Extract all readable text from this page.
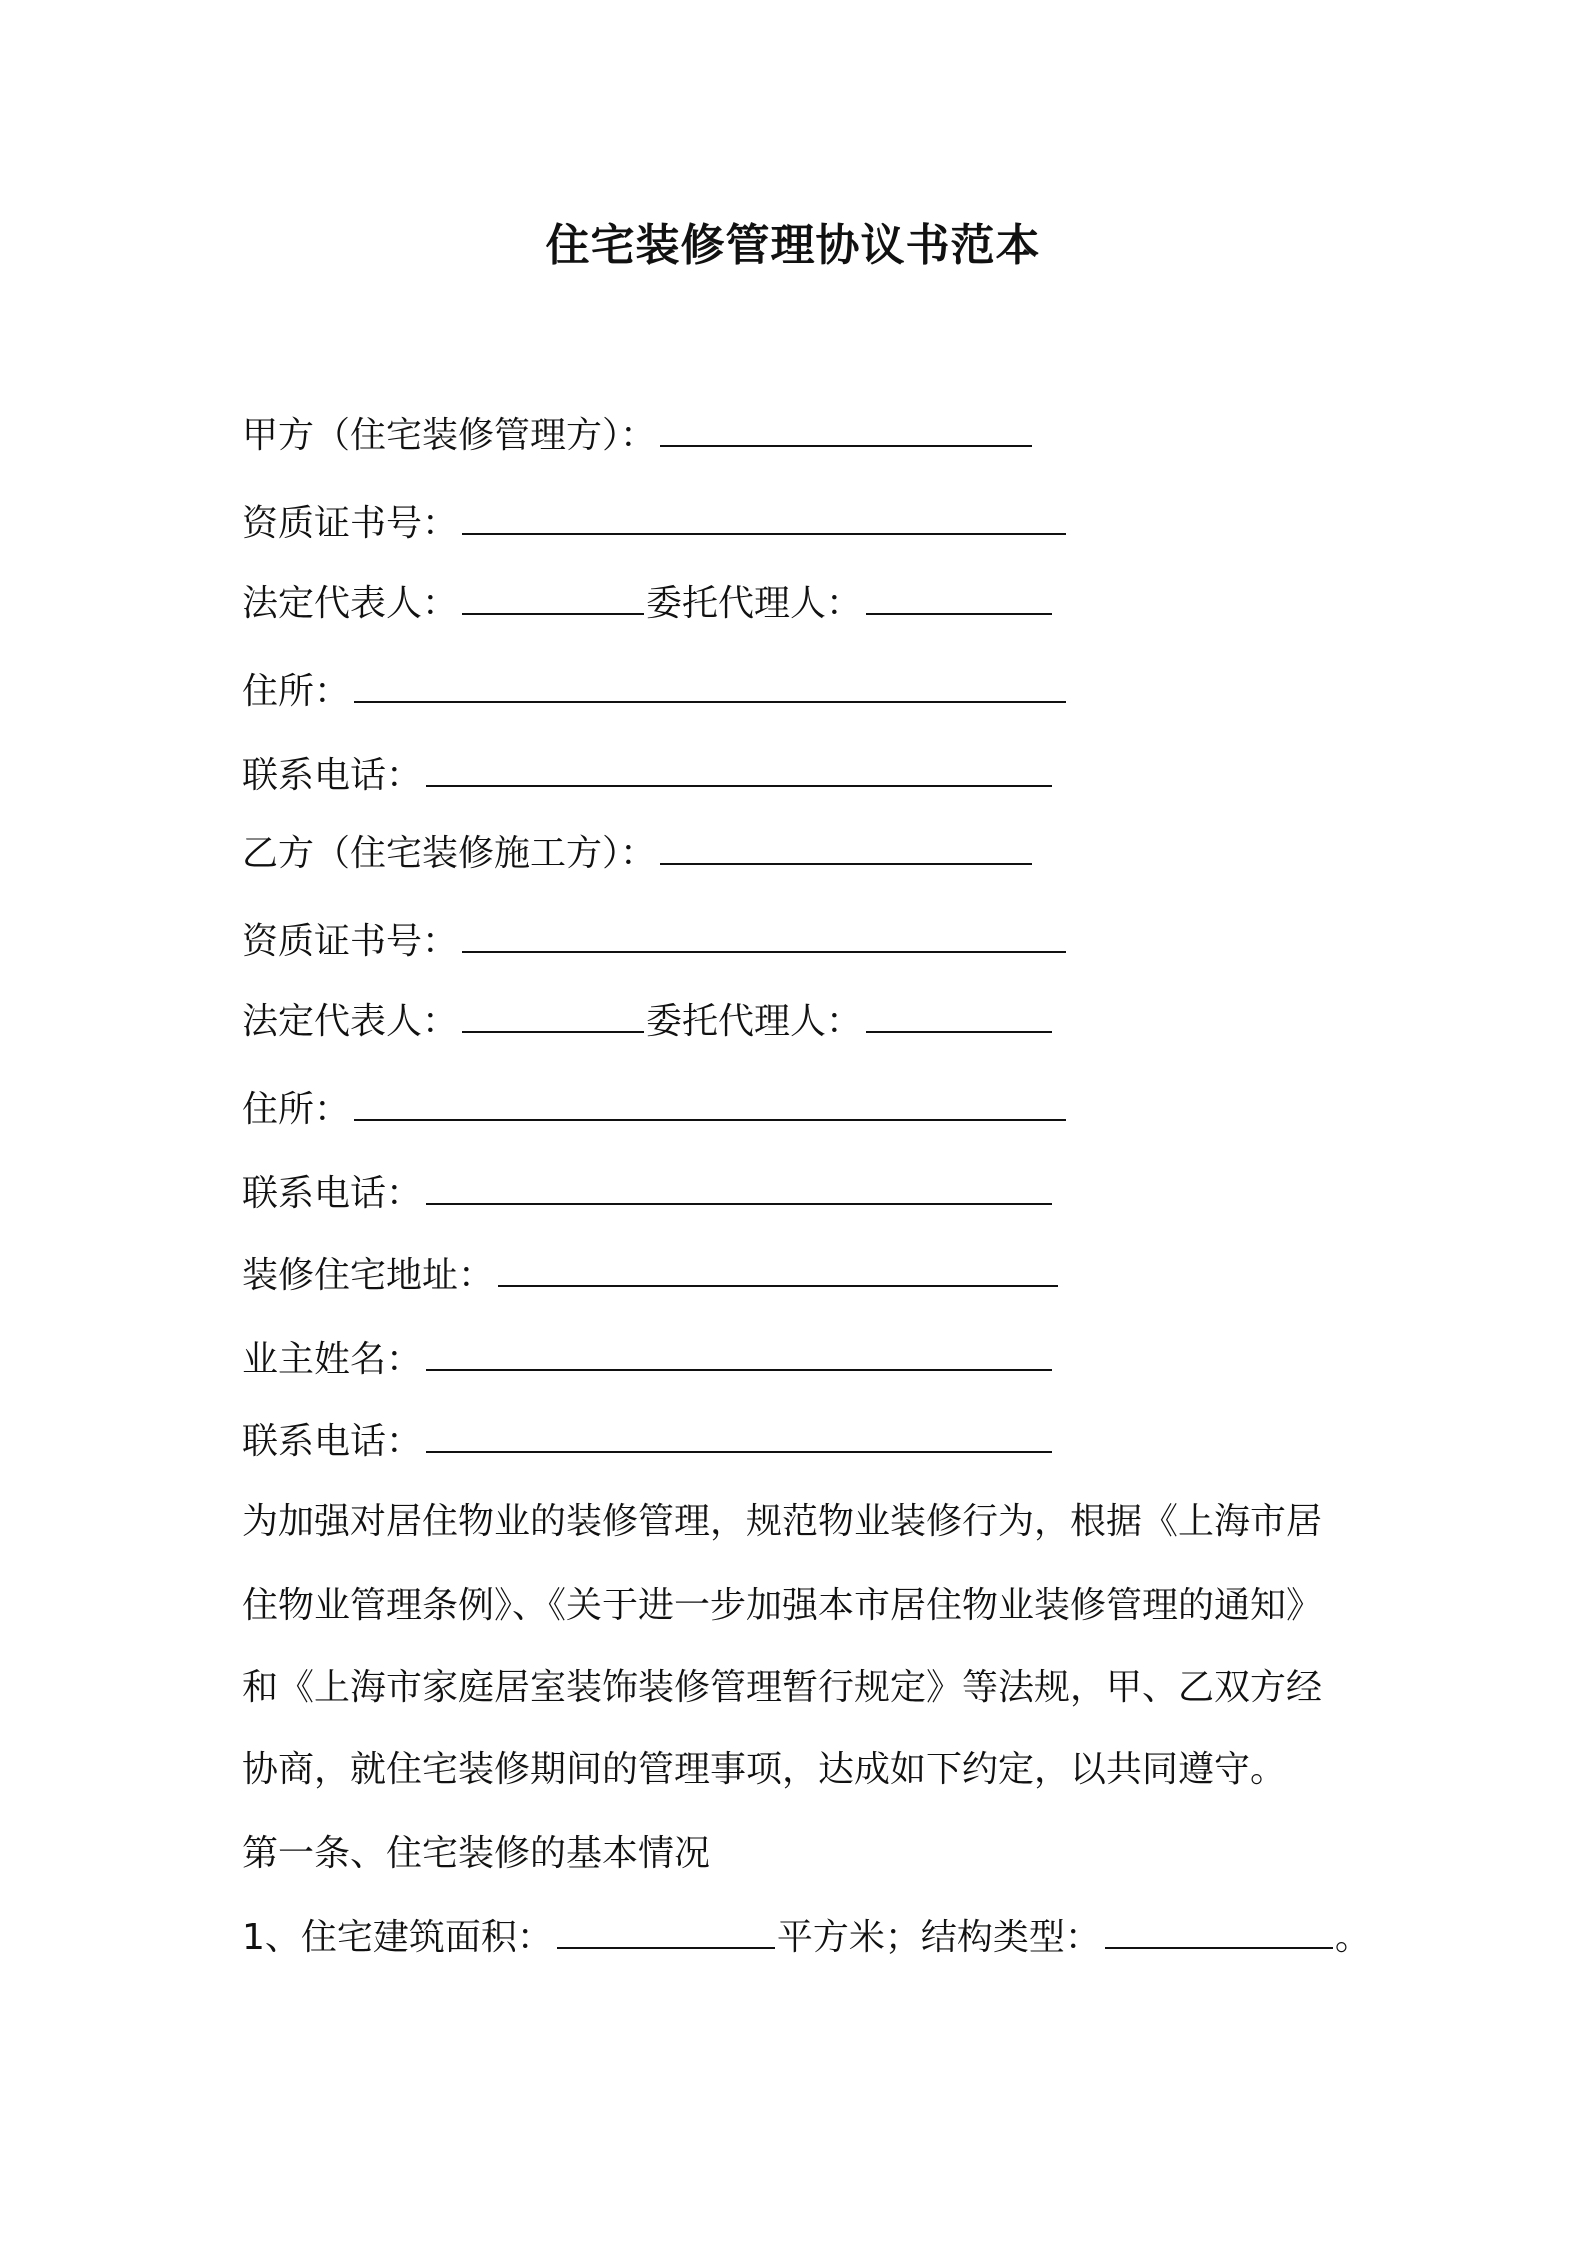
住宅装修管理协议书范本
甲方（住宅装修管理方）：
资质证书号：
法定代表人：	委托代理人：
住所：
联系电话：
乙方（住宅装修施工方）：
资质证书号：
法定代表人：	委托代理人：
住所：
联系电话：
装修住宅地址：
业主姓名：
联系电话：
为加强对居住物业的装修管理，规范物业装修行为，根据《上海市居
住物业管理条例》、《关于进一步加强本市居住物业装修管理的通知》
和《上海市家庭居室装饰装修管理暂行规定》等法规，甲、乙双方经
协商，就住宅装修期间的管理事项，达成如下约定，以共同遵守。
第一条、住宅装修的基本情况
1、住宅建筑面积：	平方米；结构类型：	。
